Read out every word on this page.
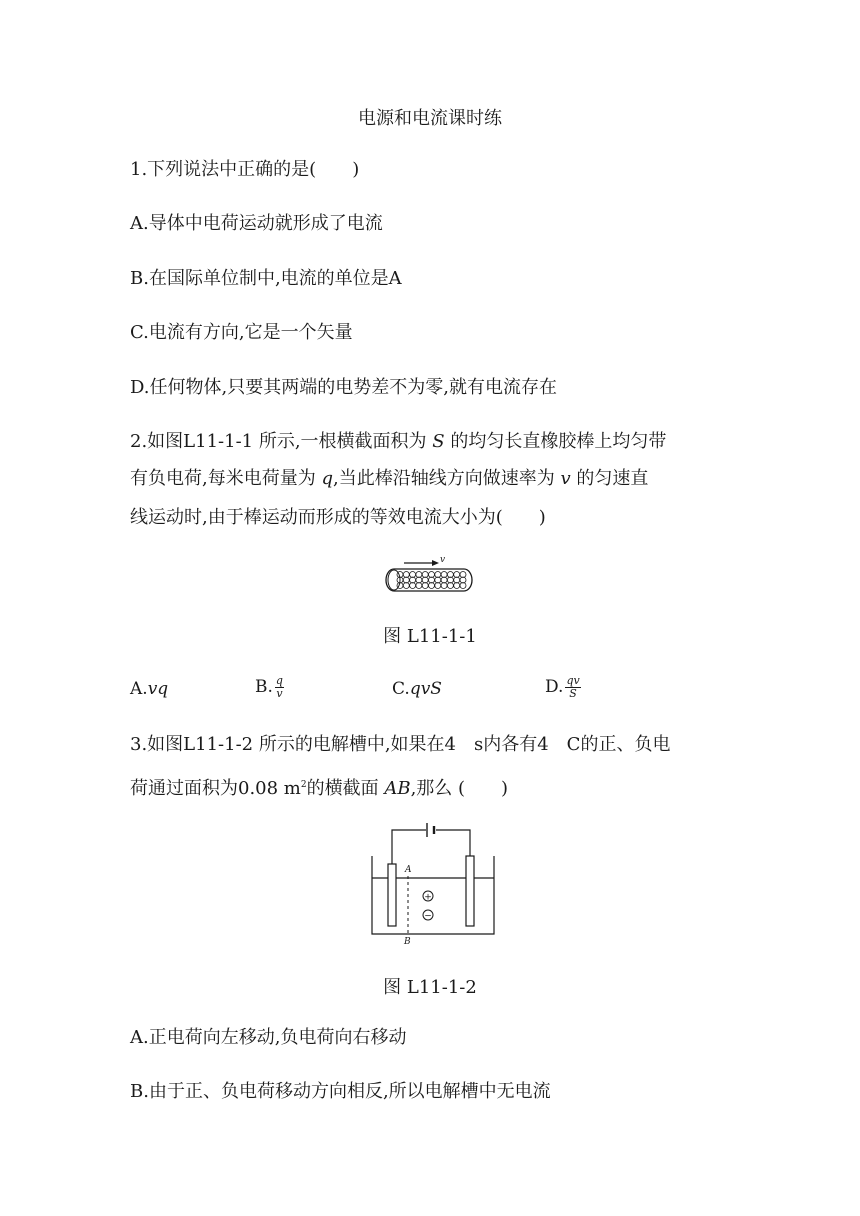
电源和电流课时练
1.下列说法中正确的是(　　)
A.导体中电荷运动就形成了电流
B.在国际单位制中,电流的单位是A
C.电流有方向,它是一个矢量
D.任何物体,只要其两端的电势差不为零,就有电流存在
2.如图L11-1-1 所示,一根横截面积为 S 的均匀长直橡胶棒上均匀带
有负电荷,每米电荷量为 q,当此棒沿轴线方向做速率为 v 的匀速直
线运动时,由于棒运动而形成的等效电流大小为(　　)
v
图 L11-1-1
A.vq	B. $\frac{q}{v}$	C.qvS	D. $\frac{qv}{S}$
3.如图L11-1-2 所示的电解槽中,如果在4　s内各有4　C的正、负电
荷通过面积为0.08 $m^2$的横截面 AB,那么 (　　)
A
B
+
−
图 L11-1-2
A.正电荷向左移动,负电荷向右移动
B.由于正、负电荷移动方向相反,所以电解槽中无电流
